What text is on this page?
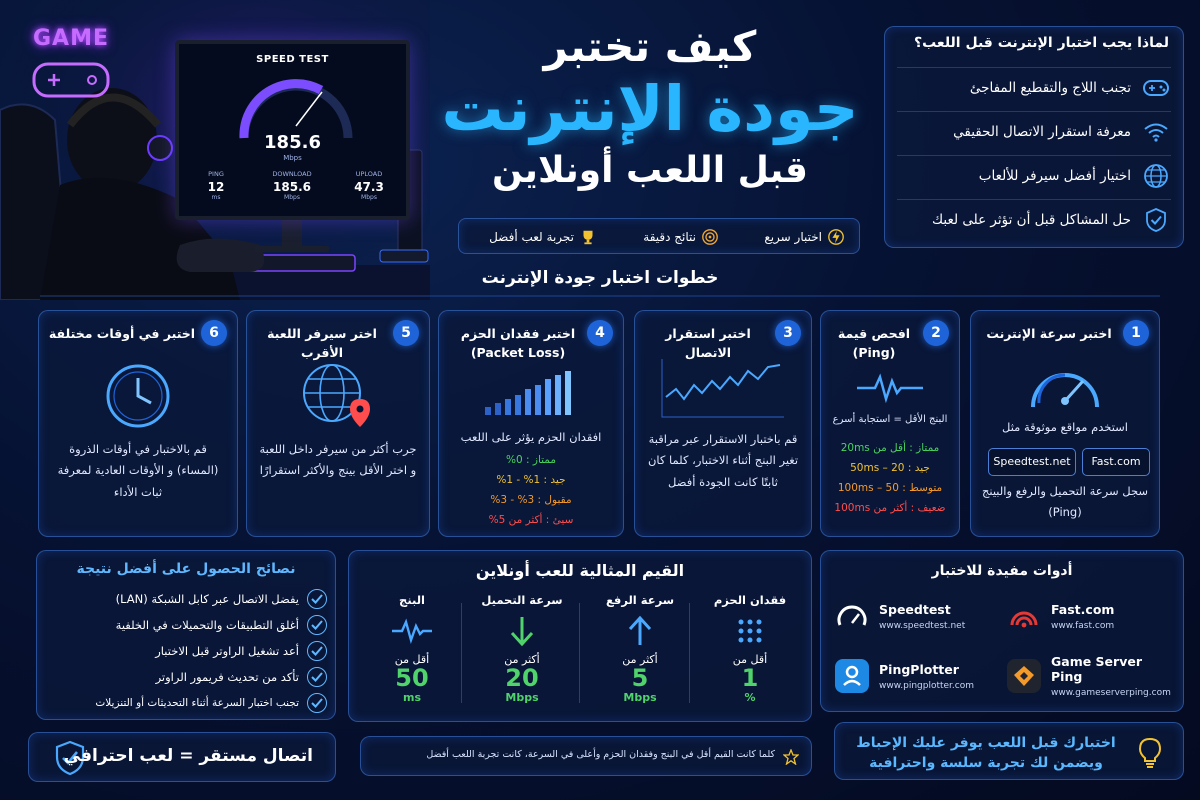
GAME
SPEED TEST
185.6
Mbps
PING
12
ms
DOWNLOAD
185.6
Mbps
UPLOAD
47.3
Mbps
كيف تختبر
جودة الإنترنت
قبل اللعب أونلاين
اختبار سريع
نتائج دقيقة
تجربة لعب أفضل
لماذا يجب اختبار الإنترنت قبل اللعب؟
تجنب اللاج والتقطيع المفاجئ
معرفة استقرار الاتصال الحقيقي
اختيار أفضل سيرفر للألعاب
حل المشاكل قبل أن تؤثر على لعبك
خطوات اختبار جودة الإنترنت
1
اختبر سرعة الإنترنت
استخدم مواقع موثوقة مثل
سجل سرعة التحميل والرفع والبينج (Ping)
Fast.com
Speedtest.net
2
افحص قيمة (Ping)
البنج الأقل = استجابة أسرع
ممتاز : أقل من 20ms
جيد : 20 – 50ms
متوسط : 50 – 100ms
ضعيف : أكثر من 100ms
3
اختبر استقرار الاتصال
قم باختبار الاستقرار عبر مراقبة تغير البنج أثناء الاختبار، كلما كان ثابتًا كانت الجودة أفضل
4
اختبر فقدان الحزم (Packet Loss)
افقدان الحزم يؤثر على اللعب
ممتاز : 0%
جيد : 1% - 1%
مقبول : 3% - 3%
سيئ : أكثر من 5%
5
اختر سيرفر اللعبة الأقرب
جرب أكثر من سيرفر داخل اللعبة و اختر الأقل بينج والأكثر استقرارًا
6
اختبر في أوقات مختلفة
قم بالاختبار في أوقات الذروة (المساء) و الأوقات العادية لمعرفة ثبات الأداء
نصائح الحصول على أفضل نتيجة
يفضل الاتصال عبر كابل الشبكة (LAN)
أغلق التطبيقات والتحميلات في الخلفية
أعد تشغيل الراوتر قبل الاختبار
تأكد من تحديث فريمور الراوتر
تجنب اختبار السرعة أثناء التحديثات أو التنزيلات
اتصال مستقر = لعب احترافي
القيم المثالية للعب أونلاين
فقدان الحزم
أقل من
1
%
سرعة الرفع
أكثر من
5
Mbps
سرعة التحميل
أكثر من
20
Mbps
البنج
أقل من
50
ms
كلما كانت القيم أقل في البنج وفقدان الحزم وأعلى في السرعة، كانت تجربة اللعب أفضل
أدوات مفيدة للاختبار
Speedtest
www.speedtest.net
Fast.com
www.fast.com
PingPlotter
www.pingplotter.com
Game Server Ping
www.gameserverping.com
اختبارك قبل اللعب يوفر عليك الإحباط ويضمن لك تجربة سلسة واحترافية
